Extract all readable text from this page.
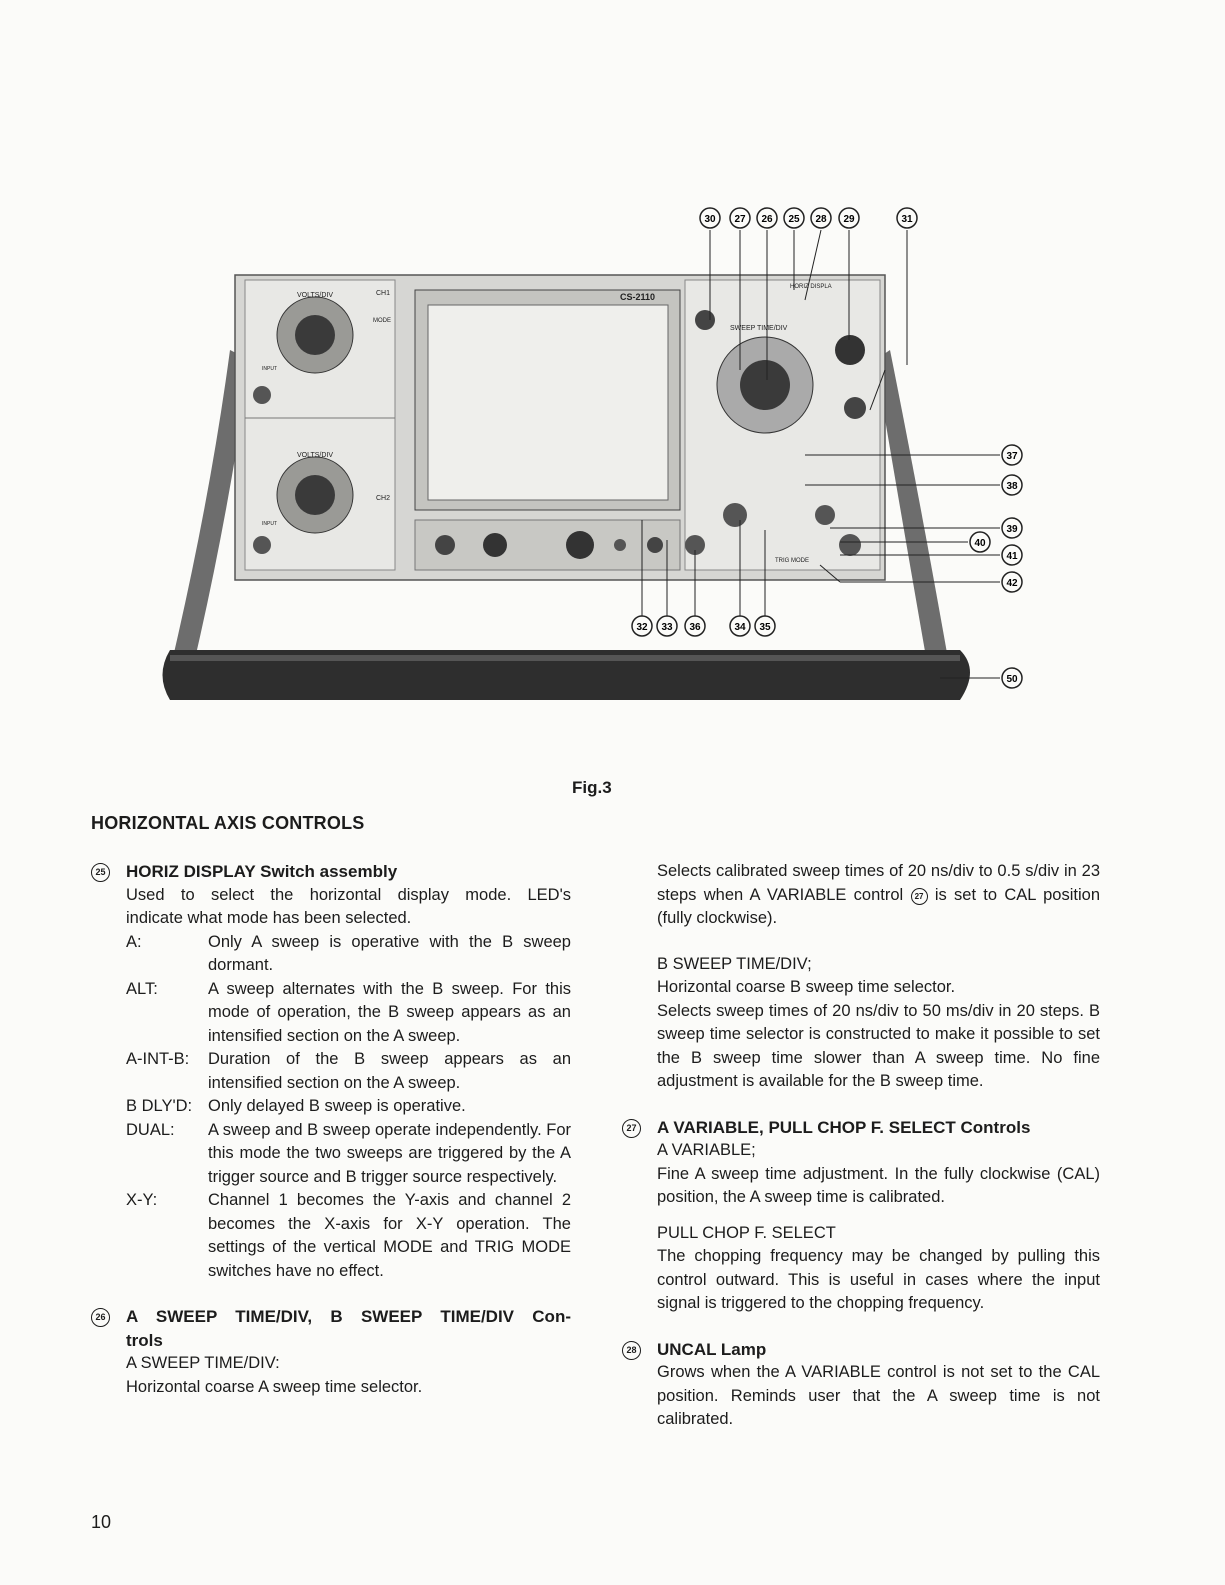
VOLTS/DIV
VOLTS/DIV
CH1
CH2
MODE
INPUT
INPUT
CS-2110
HORIZ DISPLA
SWEEP TIME/DIV
TRIG MODE
30 27 26 25 28 29	31
37
38
39
40
41
42
50
32 33 36	34 35
Fig.3
HORIZONTAL AXIS CONTROLS
25 HORIZ DISPLAY Switch assembly
Used to select the horizontal display mode. LED's
indicate what mode has been selected.
A:	Only A sweep is operative with the B sweep dormant.
ALT:	A sweep alternates with the B sweep. For this mode of operation, the B sweep appears as an intensified section on the A sweep.
A-INT-B:	Duration of the B sweep appears as an intensified section on the A sweep.
B DLY'D: Only delayed B sweep is operative.
DUAL:	A sweep and B sweep operate independently. For this mode the two sweeps are triggered by the A trigger source and B trigger source respectively.
X-Y:	Channel 1 becomes the Y-axis and channel 2 becomes the X-axis for X-Y operation. The settings of the vertical MODE and TRIG MODE switches have no effect.
26 A SWEEP TIME/DIV, B SWEEP TIME/DIV Con-
trols
A SWEEP TIME/DIV:
Horizontal coarse A sweep time selector.

Selects calibrated sweep times of 20 ns/div to 0.5 s/div in 23 steps when A VARIABLE control 27 is set to CAL position (fully clockwise).

B SWEEP TIME/DIV;
Horizontal coarse B sweep time selector.

Selects sweep times of 20 ns/div to 50 ms/div in 20 steps. B sweep time selector is constructed to make it possible to set the B sweep time slower than A sweep time. No fine adjustment is available for the B sweep time.

27 A VARIABLE, PULL CHOP F. SELECT Controls
A VARIABLE;

Fine A sweep time adjustment. In the fully clockwise (CAL) position, the A sweep time is calibrated.

PULL CHOP F. SELECT

The chopping frequency may be changed by pulling this control outward. This is useful in cases where the input signal is triggered to the chopping frequency.

28 UNCAL Lamp

Grows when the A VARIABLE control is not set to the CAL position. Reminds user that the A sweep time is not calibrated.

10
